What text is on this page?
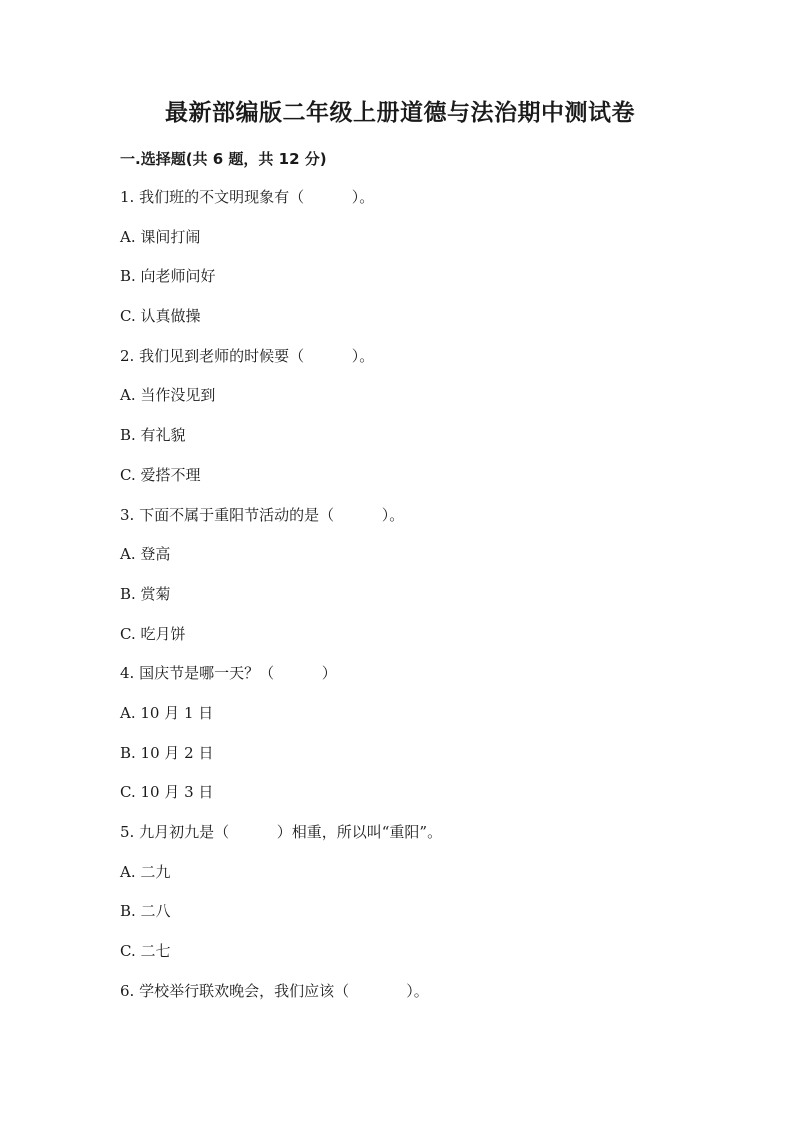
最新部编版二年级上册道德与法治期中测试卷
一.选择题(共 6 题，共 12 分)
1. 我们班的不文明现象有（          ）。
A. 课间打闹
B. 向老师问好
C. 认真做操
2. 我们见到老师的时候要（          ）。
A. 当作没见到
B. 有礼貌
C. 爱搭不理
3. 下面不属于重阳节活动的是（          ）。
A. 登高
B. 赏菊
C. 吃月饼
4. 国庆节是哪一天？（          ）
A. 10 月 1 日
B. 10 月 2 日
C. 10 月 3 日
5. 九月初九是（          ）相重，所以叫“重阳”。
A. 二九
B. 二八
C. 二七
6. 学校举行联欢晚会，我们应该（            ）。
